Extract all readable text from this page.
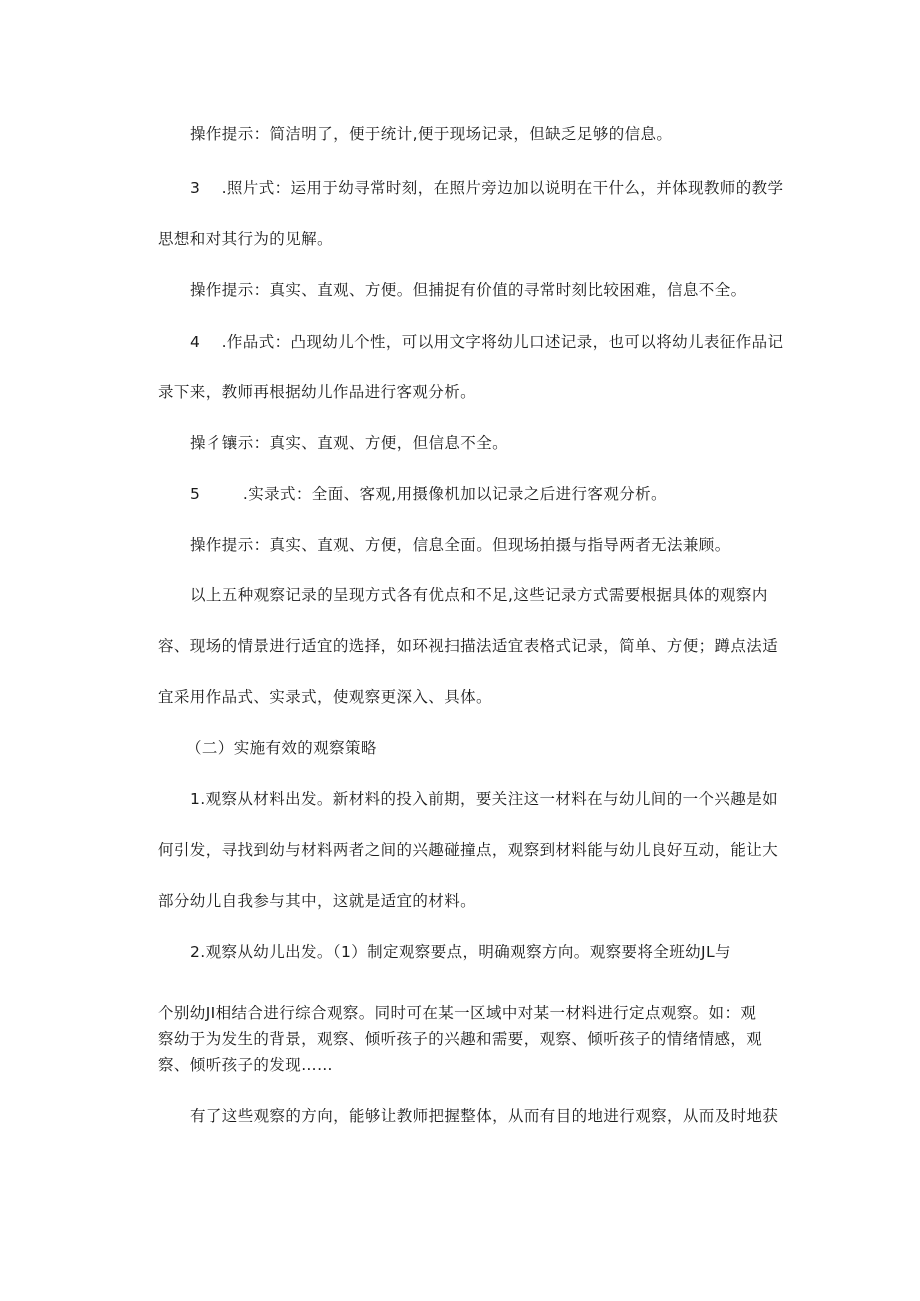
操作提示：简洁明了，便于统计,便于现场记录，但缺乏足够的信息。
3    .照片式：运用于幼寻常时刻，在照片旁边加以说明在干什么，并体现教师的教学
思想和对其行为的见解。
操作提示：真实、直观、方便。但捕捉有价值的寻常时刻比较困难，信息不全。
4    .作品式：凸现幼儿个性，可以用文字将幼儿口述记录，也可以将幼儿表征作品记
录下来，教师再根据幼儿作品进行客观分析。
操彳镶示：真实、直观、方便，但信息不全。
5        .实录式：全面、客观,用摄像机加以记录之后进行客观分析。
操作提示：真实、直观、方便，信息全面。但现场拍摄与指导两者无法兼顾。
以上五种观察记录的呈现方式各有优点和不足,这些记录方式需要根据具体的观察内
容、现场的情景进行适宜的选择，如环视扫描法适宜表格式记录，简单、方便；蹲点法适
宜采用作品式、实录式，使观察更深入、具体。
（二）实施有效的观察策略
1.观察从材料出发。新材料的投入前期，要关注这一材料在与幼儿间的一个兴趣是如
何引发，寻找到幼与材料两者之间的兴趣碰撞点，观察到材料能与幼儿良好互动，能让大
部分幼儿自我参与其中，这就是适宜的材料。
2.观察从幼儿出发。（1）制定观察要点，明确观察方向。观察要将全班幼JL与
个别幼JI相结合进行综合观察。同时可在某一区域中对某一材料进行定点观察。如：观
察幼于为发生的背景，观察、倾听孩子的兴趣和需要，观察、倾听孩子的情绪情感，观
察、倾听孩子的发现……
有了这些观察的方向，能够让教师把握整体，从而有目的地进行观察，从而及时地获
